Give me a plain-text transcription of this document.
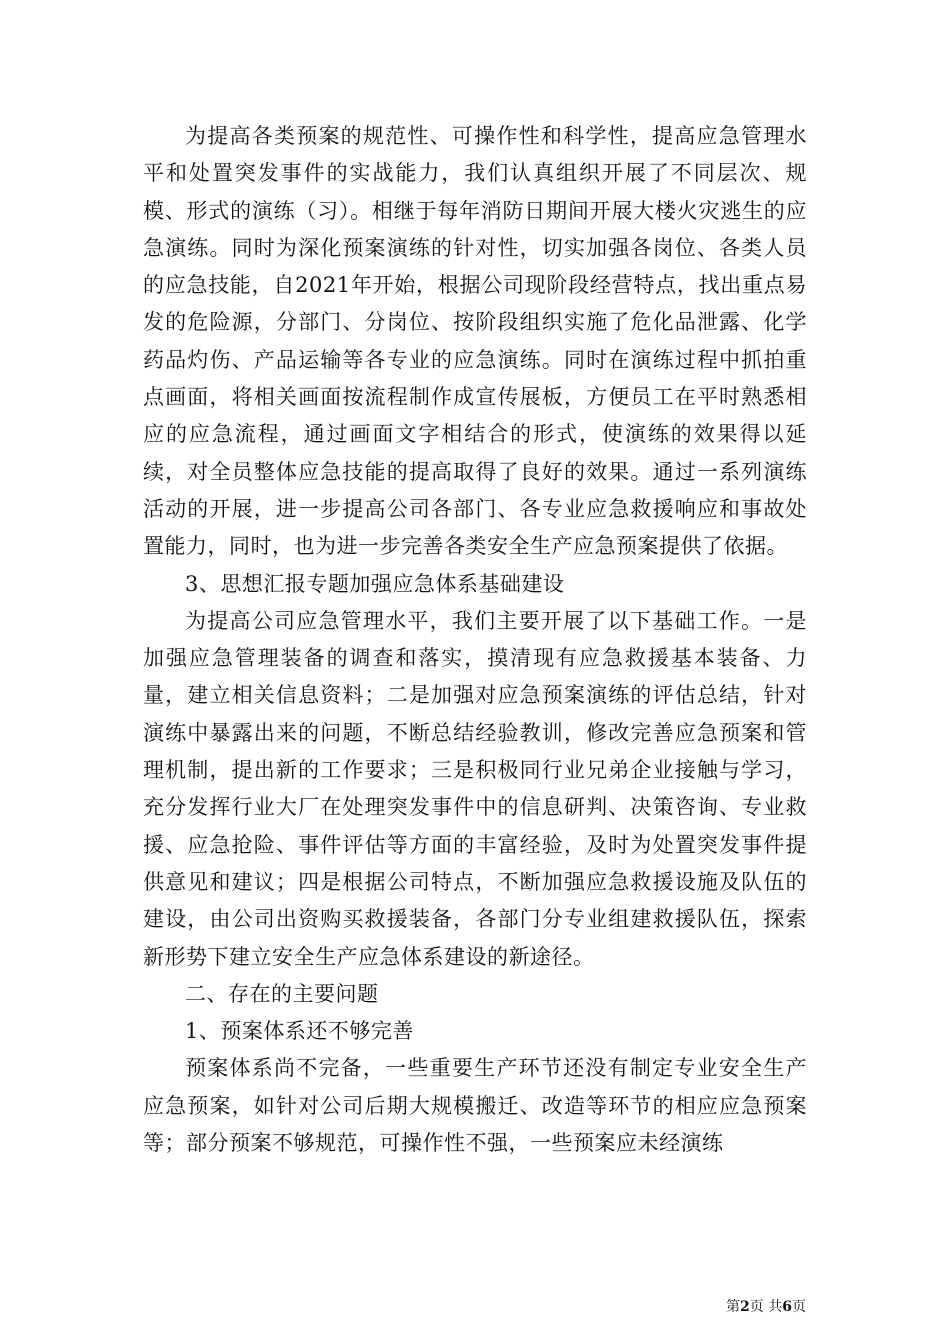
为提高各类预案的规范性、可操作性和科学性，提高应急管理水平和处置突发事件的实战能力，我们认真组织开展了不同层次、规模、形式的演练（习）。相继于每年消防日期间开展大楼火灾逃生的应急演练。同时为深化预案演练的针对性，切实加强各岗位、各类人员的应急技能，自2021年开始，根据公司现阶段经营特点，找出重点易发的危险源，分部门、分岗位、按阶段组织实施了危化品泄露、化学药品灼伤、产品运输等各专业的应急演练。同时在演练过程中抓拍重点画面，将相关画面按流程制作成宣传展板，方便员工在平时熟悉相应的应急流程，通过画面文字相结合的形式，使演练的效果得以延续，对全员整体应急技能的提高取得了良好的效果。通过一系列演练活动的开展，进一步提高公司各部门、各专业应急救援响应和事故处置能力，同时，也为进一步完善各类安全生产应急预案提供了依据。

3、思想汇报专题加强应急体系基础建设

为提高公司应急管理水平，我们主要开展了以下基础工作。一是加强应急管理装备的调查和落实，摸清现有应急救援基本装备、力量，建立相关信息资料；二是加强对应急预案演练的评估总结，针对演练中暴露出来的问题，不断总结经验教训，修改完善应急预案和管理机制，提出新的工作要求；三是积极同行业兄弟企业接触与学习，充分发挥行业大厂在处理突发事件中的信息研判、决策咨询、专业救援、应急抢险、事件评估等方面的丰富经验，及时为处置突发事件提供意见和建议；四是根据公司特点，不断加强应急救援设施及队伍的建设，由公司出资购买救援装备，各部门分专业组建救援队伍，探索新形势下建立安全生产应急体系建设的新途径。

二、存在的主要问题

1、预案体系还不够完善

预案体系尚不完备，一些重要生产环节还没有制定专业安全生产应急预案，如针对公司后期大规模搬迁、改造等环节的相应应急预案等；部分预案不够规范，可操作性不强，一些预案应未经演练

第2页 共6页
